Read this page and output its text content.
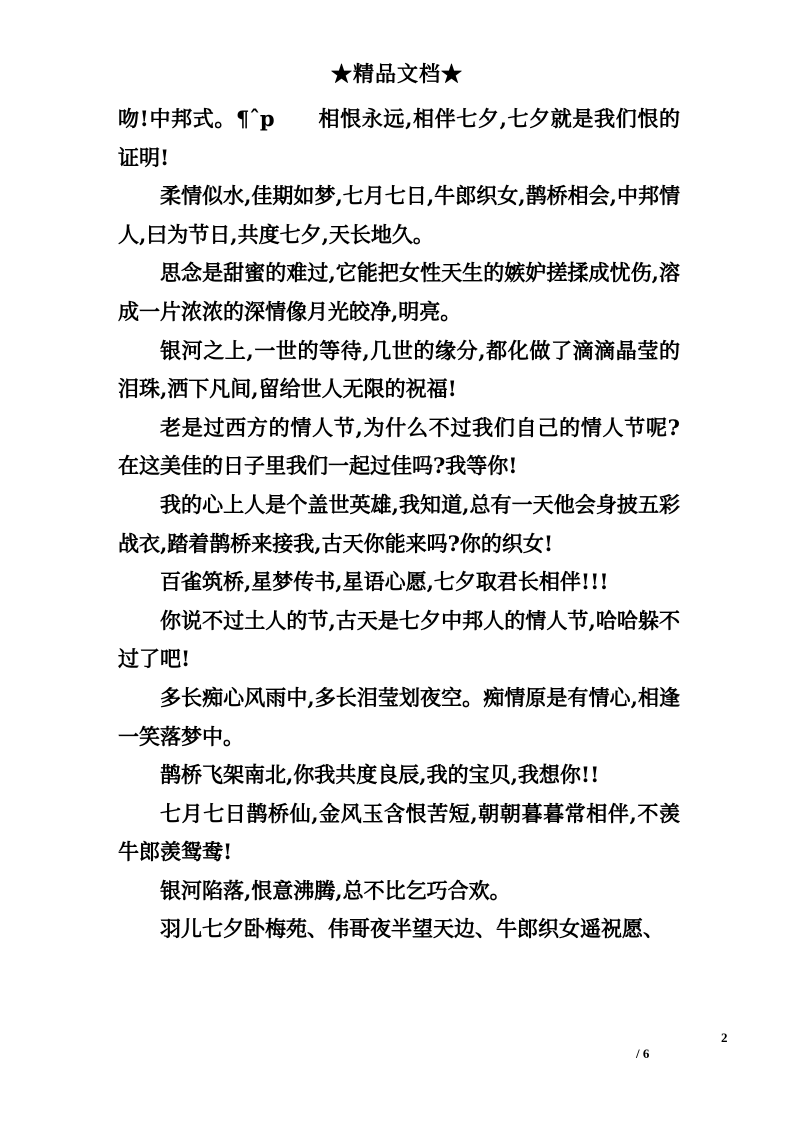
★精品文档★

吻!中邦式。¶ˆp　　相恨永远,相伴七夕,七夕就是我们恨的证明!

柔情似水,佳期如梦,七月七日,牛郎织女,鹊桥相会,中邦情人,曰为节日,共度七夕,天长地久。

思念是甜蜜的难过,它能把女性天生的嫉妒搓揉成忧伤,溶成一片浓浓的深情像月光皎净,明亮。

银河之上,一世的等待,几世的缘分,都化做了滴滴晶莹的泪珠,洒下凡间,留给世人无限的祝福!

老是过西方的情人节,为什么不过我们自己的情人节呢?在这美佳的日子里我们一起过佳吗?我等你!

我的心上人是个盖世英雄,我知道,总有一天他会身披五彩战衣,踏着鹊桥来接我,古天你能来吗?你的织女!

百雀筑桥,星梦传书,星语心愿,七夕取君长相伴!!!

你说不过土人的节,古天是七夕中邦人的情人节,哈哈躲不过了吧!

多长痴心风雨中,多长泪莹划夜空。痴情原是有情心,相逢一笑落梦中。

鹊桥飞架南北,你我共度良辰,我的宝贝,我想你!!

七月七日鹊桥仙,金风玉含恨苦短,朝朝暮暮常相伴,不羡牛郎羡鸳鸯!

银河陷落,恨意沸腾,总不比乞巧合欢。

羽儿七夕卧梅苑、伟哥夜半望天边、牛郎织女遥祝愿、

2
/ 6
